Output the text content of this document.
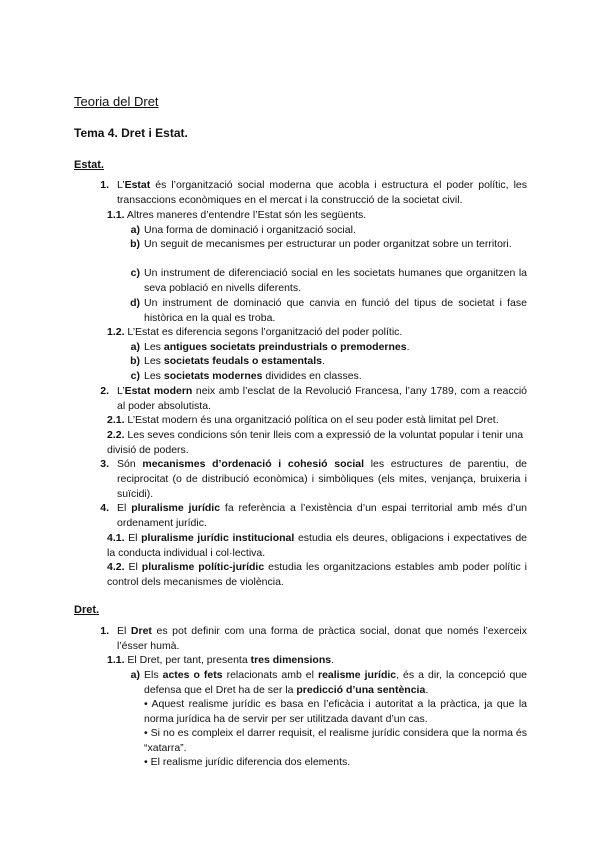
Teoria del Dret
Tema 4. Dret i Estat.
Estat.
1. L’Estat és l’organització social moderna que acobla i estructura el poder polític, les transaccions econòmiques en el mercat i la construcció de la societat civil.
1.1. Altres maneres d’entendre l’Estat són les següents.
a) Una forma de dominació i organització social.
b) Un seguit de mecanismes per estructurar un poder organitzat sobre un territori.
c) Un instrument de diferenciació social en les societats humanes que organitzen la seva població en nivells diferents.
d) Un instrument de dominació que canvia en funció del tipus de societat i fase històrica en la qual es troba.
1.2. L’Estat es diferencia segons l’organització del poder polític.
a) Les antigues societats preindustrials o premodernes.
b) Les societats feudals o estamentals.
c) Les societats modernes dividides en classes.
2. L’Estat modern neix amb l’esclat de la Revolució Francesa, l’any 1789, com a reacció al poder absolutista.
2.1. L’Estat modern és una organització política on el seu poder està limitat pel Dret.
2.2. Les seves condicions són tenir lleis com a expressió de la voluntat popular i tenir una divisió de poders.
3. Són mecanismes d’ordenació i cohesió social les estructures de parentiu, de reciprocitat (o de distribució econòmica) i simbòliques (els mites, venjança, bruixeria i suïcidi).
4. El pluralisme jurídic fa referència a l’existència d’un espai territorial amb més d’un ordenament jurídic.
4.1. El pluralisme jurídic institucional estudia els deures, obligacions i expectatives de la conducta individual i col·lectiva.
4.2. El pluralisme polític-jurídic estudia les organitzacions estables amb poder polític i control dels mecanismes de violència.
Dret.
1. El Dret es pot definir com una forma de pràctica social, donat que només l’exerceix l’ésser humà.
1.1. El Dret, per tant, presenta tres dimensions.
a) Els actes o fets relacionats amb el realisme jurídic, és a dir, la concepció que defensa que el Dret ha de ser la predicció d’una sentència.
• Aquest realisme jurídic es basa en l’eficàcia i autoritat a la pràctica, ja que la norma jurídica ha de servir per ser utilitzada davant d’un cas.
• Si no es compleix el darrer requisit, el realisme jurídic considera que la norma és “xatarra”.
• El realisme jurídic diferencia dos elements.
